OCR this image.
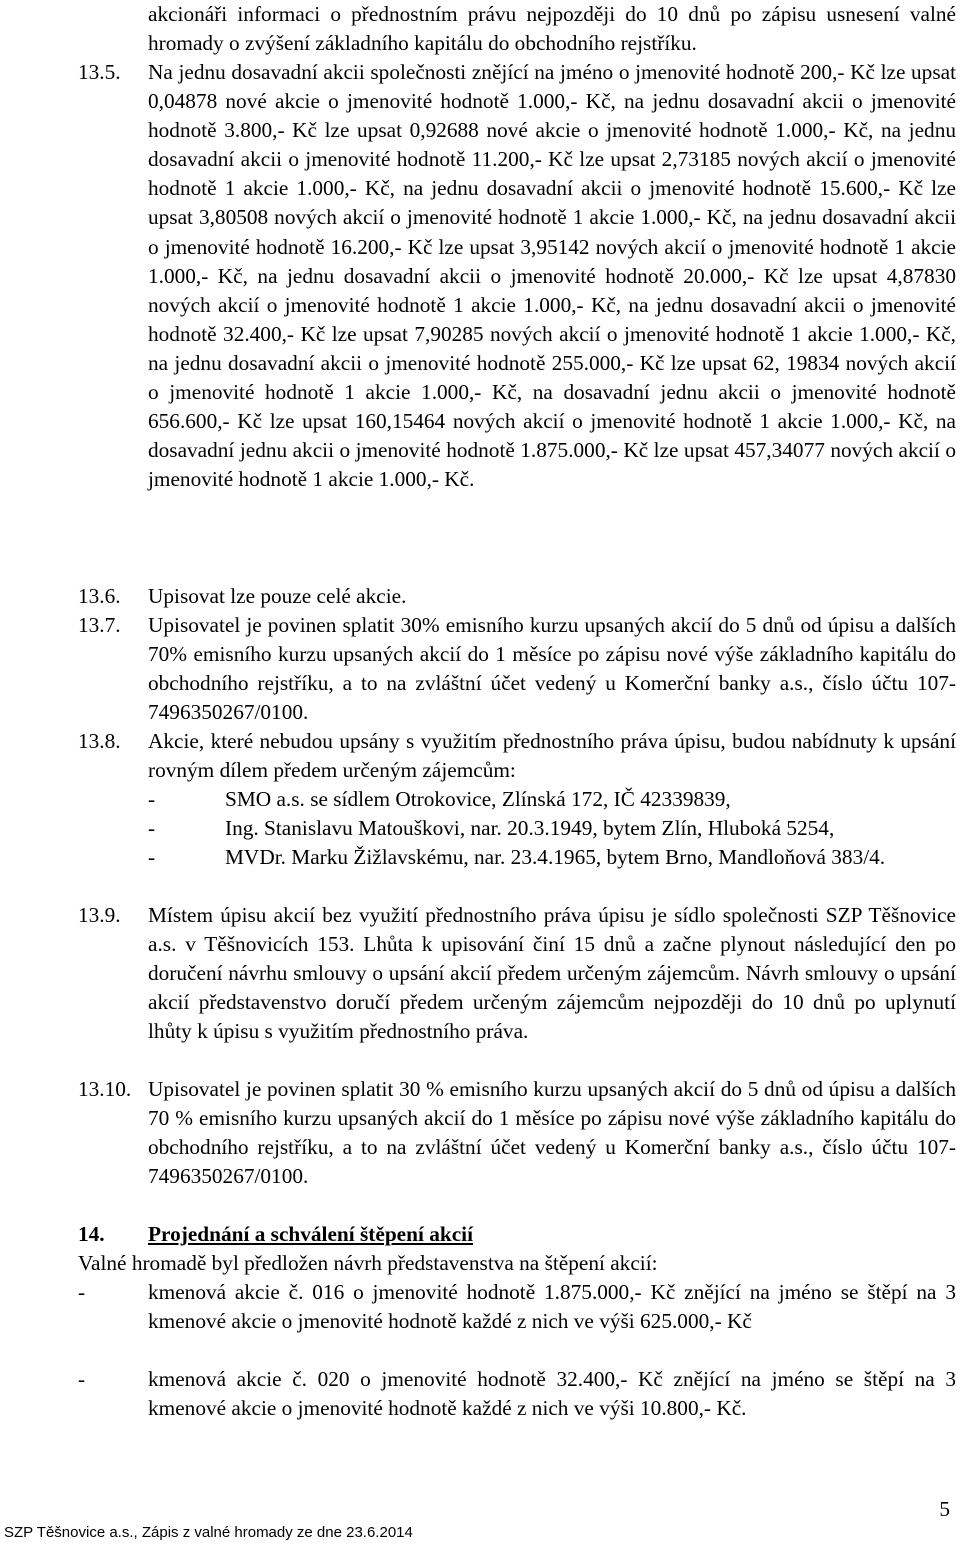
akcionáři informaci o přednostním právu nejpozději do 10 dnů po zápisu usnesení valné hromady o zvýšení základního kapitálu do obchodního rejstříku.
13.5. Na jednu dosavadní akcii společnosti znějící na jméno o jmenovité hodnotě 200,- Kč lze upsat 0,04878 nové akcie o jmenovité hodnotě 1.000,- Kč, na jednu dosavadní akcii o jmenovité hodnotě 3.800,- Kč lze upsat 0,92688 nové akcie o jmenovité hodnotě 1.000,- Kč, na jednu dosavadní akcii o jmenovité hodnotě 11.200,- Kč lze upsat 2,73185 nových akcií o jmenovité hodnotě 1 akcie 1.000,- Kč, na jednu dosavadní akcii o jmenovité hodnotě 15.600,- Kč lze upsat 3,80508 nových akcií o jmenovité hodnotě 1 akcie 1.000,- Kč, na jednu dosavadní akcii o jmenovité hodnotě 16.200,- Kč lze upsat 3,95142 nových akcií o jmenovité hodnotě 1 akcie 1.000,- Kč, na jednu dosavadní akcii o jmenovité hodnotě 20.000,- Kč lze upsat 4,87830 nových akcií o jmenovité hodnotě 1 akcie 1.000,- Kč, na jednu dosavadní akcii o jmenovité hodnotě 32.400,- Kč lze upsat 7,90285 nových akcií o jmenovité hodnotě 1 akcie 1.000,- Kč, na jednu dosavadní akcii o jmenovité hodnotě 255.000,- Kč lze upsat 62, 19834 nových akcií o jmenovité hodnotě 1 akcie 1.000,- Kč, na dosavadní jednu akcii o jmenovité hodnotě 656.600,- Kč lze upsat 160,15464 nových akcií o jmenovité hodnotě 1 akcie 1.000,- Kč, na dosavadní jednu akcii o jmenovité hodnotě 1.875.000,- Kč lze upsat 457,34077 nových akcií o jmenovité hodnotě 1 akcie 1.000,- Kč.
13.6. Upisovat lze pouze celé akcie.
13.7. Upisovatel je povinen splatit 30% emisního kurzu upsaných akcií do 5 dnů od úpisu a dalších 70% emisního kurzu upsaných akcií do 1 měsíce po zápisu nové výše základního kapitálu do obchodního rejstříku, a to na zvláštní účet vedený u Komerční banky a.s., číslo účtu 107-7496350267/0100.
13.8. Akcie, které nebudou upsány s využitím přednostního práva úpisu, budou nabídnuty k upsání rovným dílem předem určeným zájemcům:
-	SMO a.s. se sídlem Otrokovice, Zlínská 172, IČ 42339839,
-	Ing. Stanislavu Matouškovi, nar. 20.3.1949, bytem Zlín, Hluboká 5254,
-	MVDr. Marku Žižlavskému, nar. 23.4.1965, bytem Brno, Mandloňová 383/4.
13.9. Místem úpisu akcií bez využití přednostního práva úpisu je sídlo společnosti SZP Těšnovice a.s. v Těšnovicích 153. Lhůta k upisování činí 15 dnů a začne plynout následující den po doručení návrhu smlouvy o upsání akcií předem určeným zájemcům. Návrh smlouvy o upsání akcií představenstvo doručí předem určeným zájemcům nejpozději do 10 dnů po uplynutí lhůty k úpisu s využitím přednostního práva.
13.10. Upisovatel je povinen splatit 30 % emisního kurzu upsaných akcií do 5 dnů od úpisu a dalších 70 % emisního kurzu upsaných akcií do 1 měsíce po zápisu nové výše základního kapitálu do obchodního rejstříku, a to na zvláštní účet vedený u Komerční banky a.s., číslo účtu 107-7496350267/0100.
14. Projednání a schválení štěpení akcií
Valné hromadě byl předložen návrh představenstva na štěpení akcií:
-	kmenová akcie č. 016 o jmenovité hodnotě 1.875.000,- Kč znějící na jméno se štěpí na 3 kmenové akcie o jmenovité hodnotě každé z nich ve výši 625.000,- Kč
-	kmenová akcie č. 020 o jmenovité hodnotě 32.400,- Kč znějící na jméno se štěpí na 3 kmenové akcie o jmenovité hodnotě každé z nich ve výši 10.800,- Kč.
5
SZP Těšnovice a.s., Zápis z valné hromady ze dne 23.6.2014
